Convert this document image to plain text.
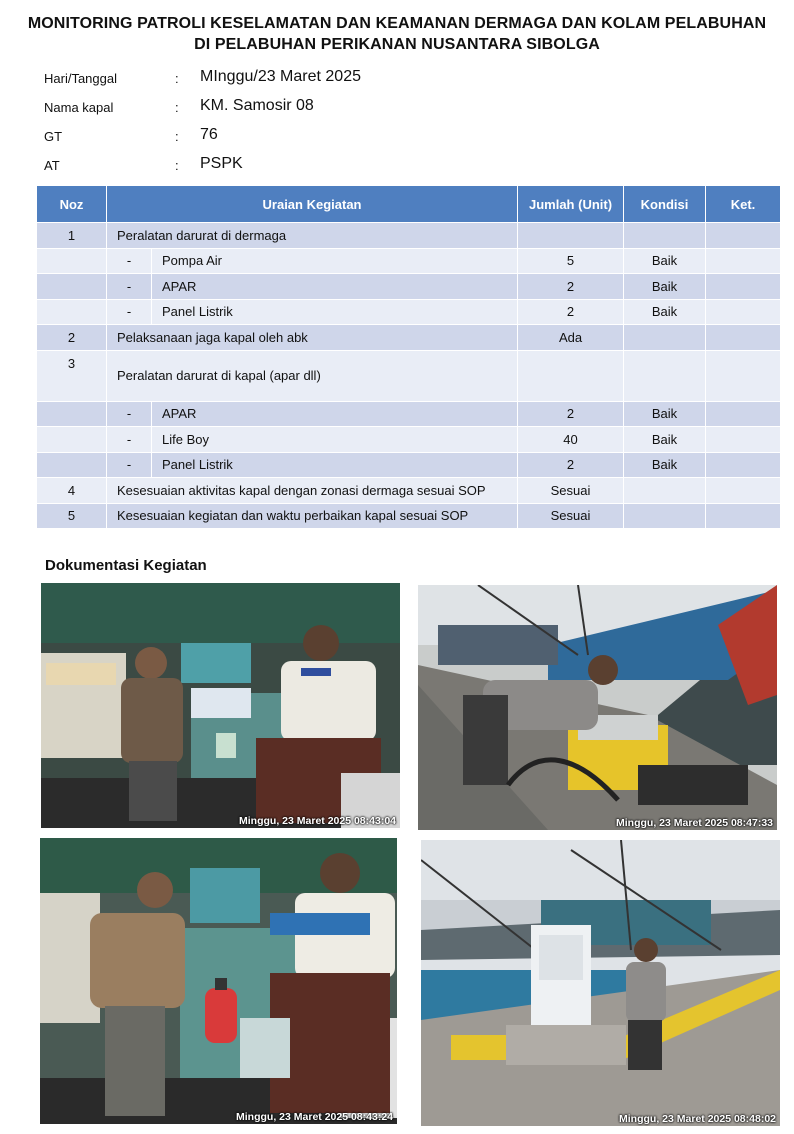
MONITORING PATROLI KESELAMATAN DAN KEAMANAN DERMAGA DAN KOLAM PELABUHAN DI PELABUHAN PERIKANAN NUSANTARA SIBOLGA
Hari/Tanggal	: MInggu/23 Maret 2025
Nama kapal	: KM. Samosir 08
GT	: 76
AT	: PSPK
Noz	Uraian Kegiatan		Jumlah (Unit)	Kondisi	Ket.
1	Peralatan darurat di dermaga				
	-	Pompa Air	5	Baik	
	-	APAR	2	Baik	
	-	Panel Listrik	2	Baik	
2	Pelaksanaan jaga kapal oleh abk		Ada		
3	Peralatan darurat di kapal (apar dll)				
	-	APAR	2	Baik	
	-	Life Boy	40	Baik	
	-	Panel Listrik	2	Baik	
4	Kesesuaian aktivitas kapal dengan zonasi dermaga sesuai SOP		Sesuai		
5	Kesesuaian kegiatan dan waktu perbaikan kapal sesuai SOP		Sesuai		
Dokumentasi Kegiatan
Minggu, 23 Maret 2025 08:43:04	Minggu, 23 Maret 2025 08:47:33
Minggu, 23 Maret 2025 08:43:24	Minggu, 23 Maret 2025 08:48:02
